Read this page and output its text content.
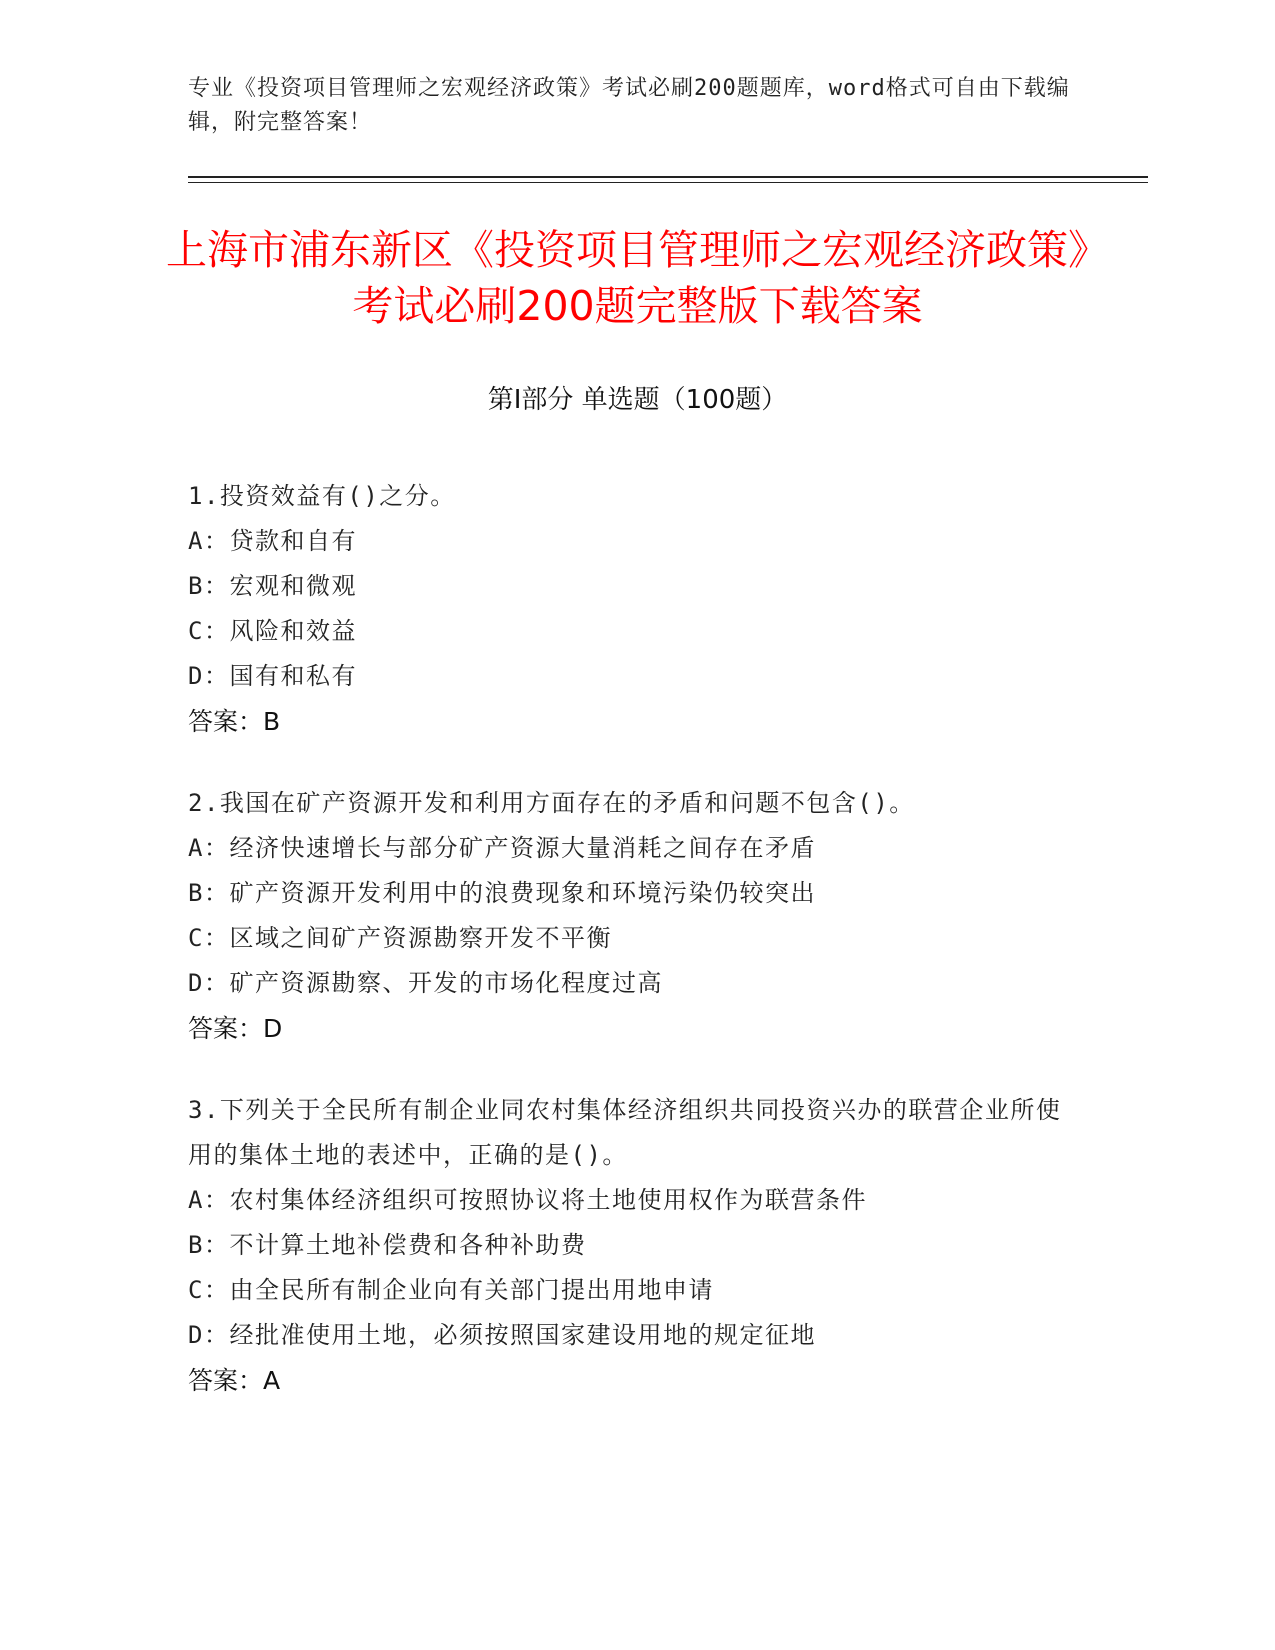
专业《投资项目管理师之宏观经济政策》考试必刷200题题库，word格式可自由下载编辑，附完整答案！
上海市浦东新区《投资项目管理师之宏观经济政策》考试必刷200题完整版下载答案
第Ⅰ部分 单选题（100题）
1.投资效益有()之分。
A：贷款和自有
B：宏观和微观
C：风险和效益
D：国有和私有
答案：B
2.我国在矿产资源开发和利用方面存在的矛盾和问题不包含()。
A：经济快速增长与部分矿产资源大量消耗之间存在矛盾
B：矿产资源开发利用中的浪费现象和环境污染仍较突出
C：区域之间矿产资源勘察开发不平衡
D：矿产资源勘察、开发的市场化程度过高
答案：D
3.下列关于全民所有制企业同农村集体经济组织共同投资兴办的联营企业所使用的集体土地的表述中，正确的是()。
A：农村集体经济组织可按照协议将土地使用权作为联营条件
B：不计算土地补偿费和各种补助费
C：由全民所有制企业向有关部门提出用地申请
D：经批准使用土地，必须按照国家建设用地的规定征地
答案：A
